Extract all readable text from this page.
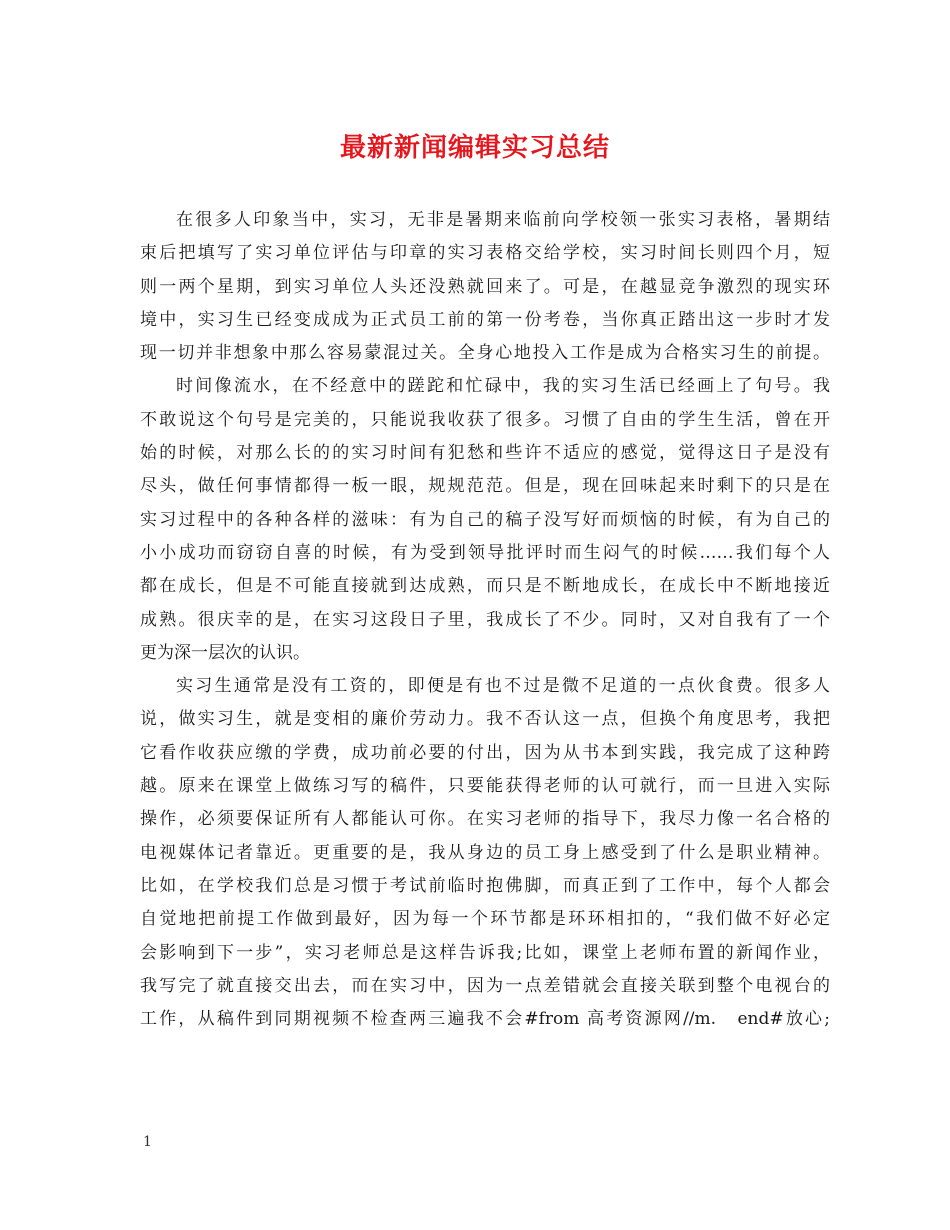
最新新闻编辑实习总结
在很多人印象当中，实习，无非是暑期来临前向学校领一张实习表格，暑期结
束后把填写了实习单位评估与印章的实习表格交给学校，实习时间长则四个月，短
则一两个星期，到实习单位人头还没熟就回来了。可是，在越显竞争激烈的现实环
境中，实习生已经变成成为正式员工前的第一份考卷，当你真正踏出这一步时才发
现一切并非想象中那么容易蒙混过关。全身心地投入工作是成为合格实习生的前提。
时间像流水，在不经意中的蹉跎和忙碌中，我的实习生活已经画上了句号。我
不敢说这个句号是完美的，只能说我收获了很多。习惯了自由的学生生活，曾在开
始的时候，对那么长的的实习时间有犯愁和些许不适应的感觉，觉得这日子是没有
尽头，做任何事情都得一板一眼，规规范范。但是，现在回味起来时剩下的只是在
实习过程中的各种各样的滋味：有为自己的稿子没写好而烦恼的时候，有为自己的
小小成功而窃窃自喜的时候，有为受到领导批评时而生闷气的时候……我们每个人
都在成长，但是不可能直接就到达成熟，而只是不断地成长，在成长中不断地接近
成熟。很庆幸的是，在实习这段日子里，我成长了不少。同时，又对自我有了一个
更为深一层次的认识。
实习生通常是没有工资的，即便是有也不过是微不足道的一点伙食费。很多人
说，做实习生，就是变相的廉价劳动力。我不否认这一点，但换个角度思考，我把
它看作收获应缴的学费，成功前必要的付出，因为从书本到实践，我完成了这种跨
越。原来在课堂上做练习写的稿件，只要能获得老师的认可就行，而一旦进入实际
操作，必须要保证所有人都能认可你。在实习老师的指导下，我尽力像一名合格的
电视媒体记者靠近。更重要的是，我从身边的员工身上感受到了什么是职业精神。
比如，在学校我们总是习惯于考试前临时抱佛脚，而真正到了工作中，每个人都会
自觉地把前提工作做到最好，因为每一个环节都是环环相扣的，“我们做不好必定
会影响到下一步”，实习老师总是这样告诉我;比如，课堂上老师布置的新闻作业，
我写完了就直接交出去，而在实习中，因为一点差错就会直接关联到整个电视台的
工作，从稿件到同期视频不检查两三遍我不会#from 高考资源网//m.　end#放心;
1
